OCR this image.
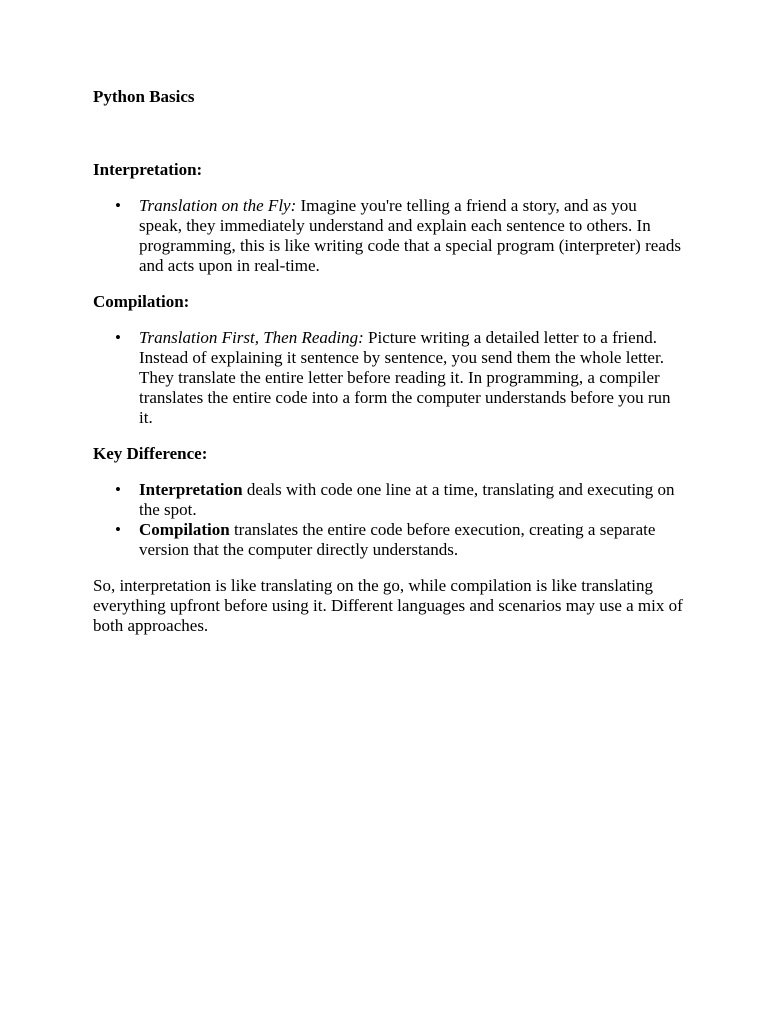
Python Basics
Interpretation:
• Translation on the Fly: Imagine you're telling a friend a story, and as you speak, they immediately understand and explain each sentence to others. In programming, this is like writing code that a special program (interpreter) reads and acts upon in real-time.
Compilation:
• Translation First, Then Reading: Picture writing a detailed letter to a friend. Instead of explaining it sentence by sentence, you send them the whole letter. They translate the entire letter before reading it. In programming, a compiler translates the entire code into a form the computer understands before you run it.
Key Difference:
• Interpretation deals with code one line at a time, translating and executing on the spot.
• Compilation translates the entire code before execution, creating a separate version that the computer directly understands.

So, interpretation is like translating on the go, while compilation is like translating everything upfront before using it. Different languages and scenarios may use a mix of both approaches.
